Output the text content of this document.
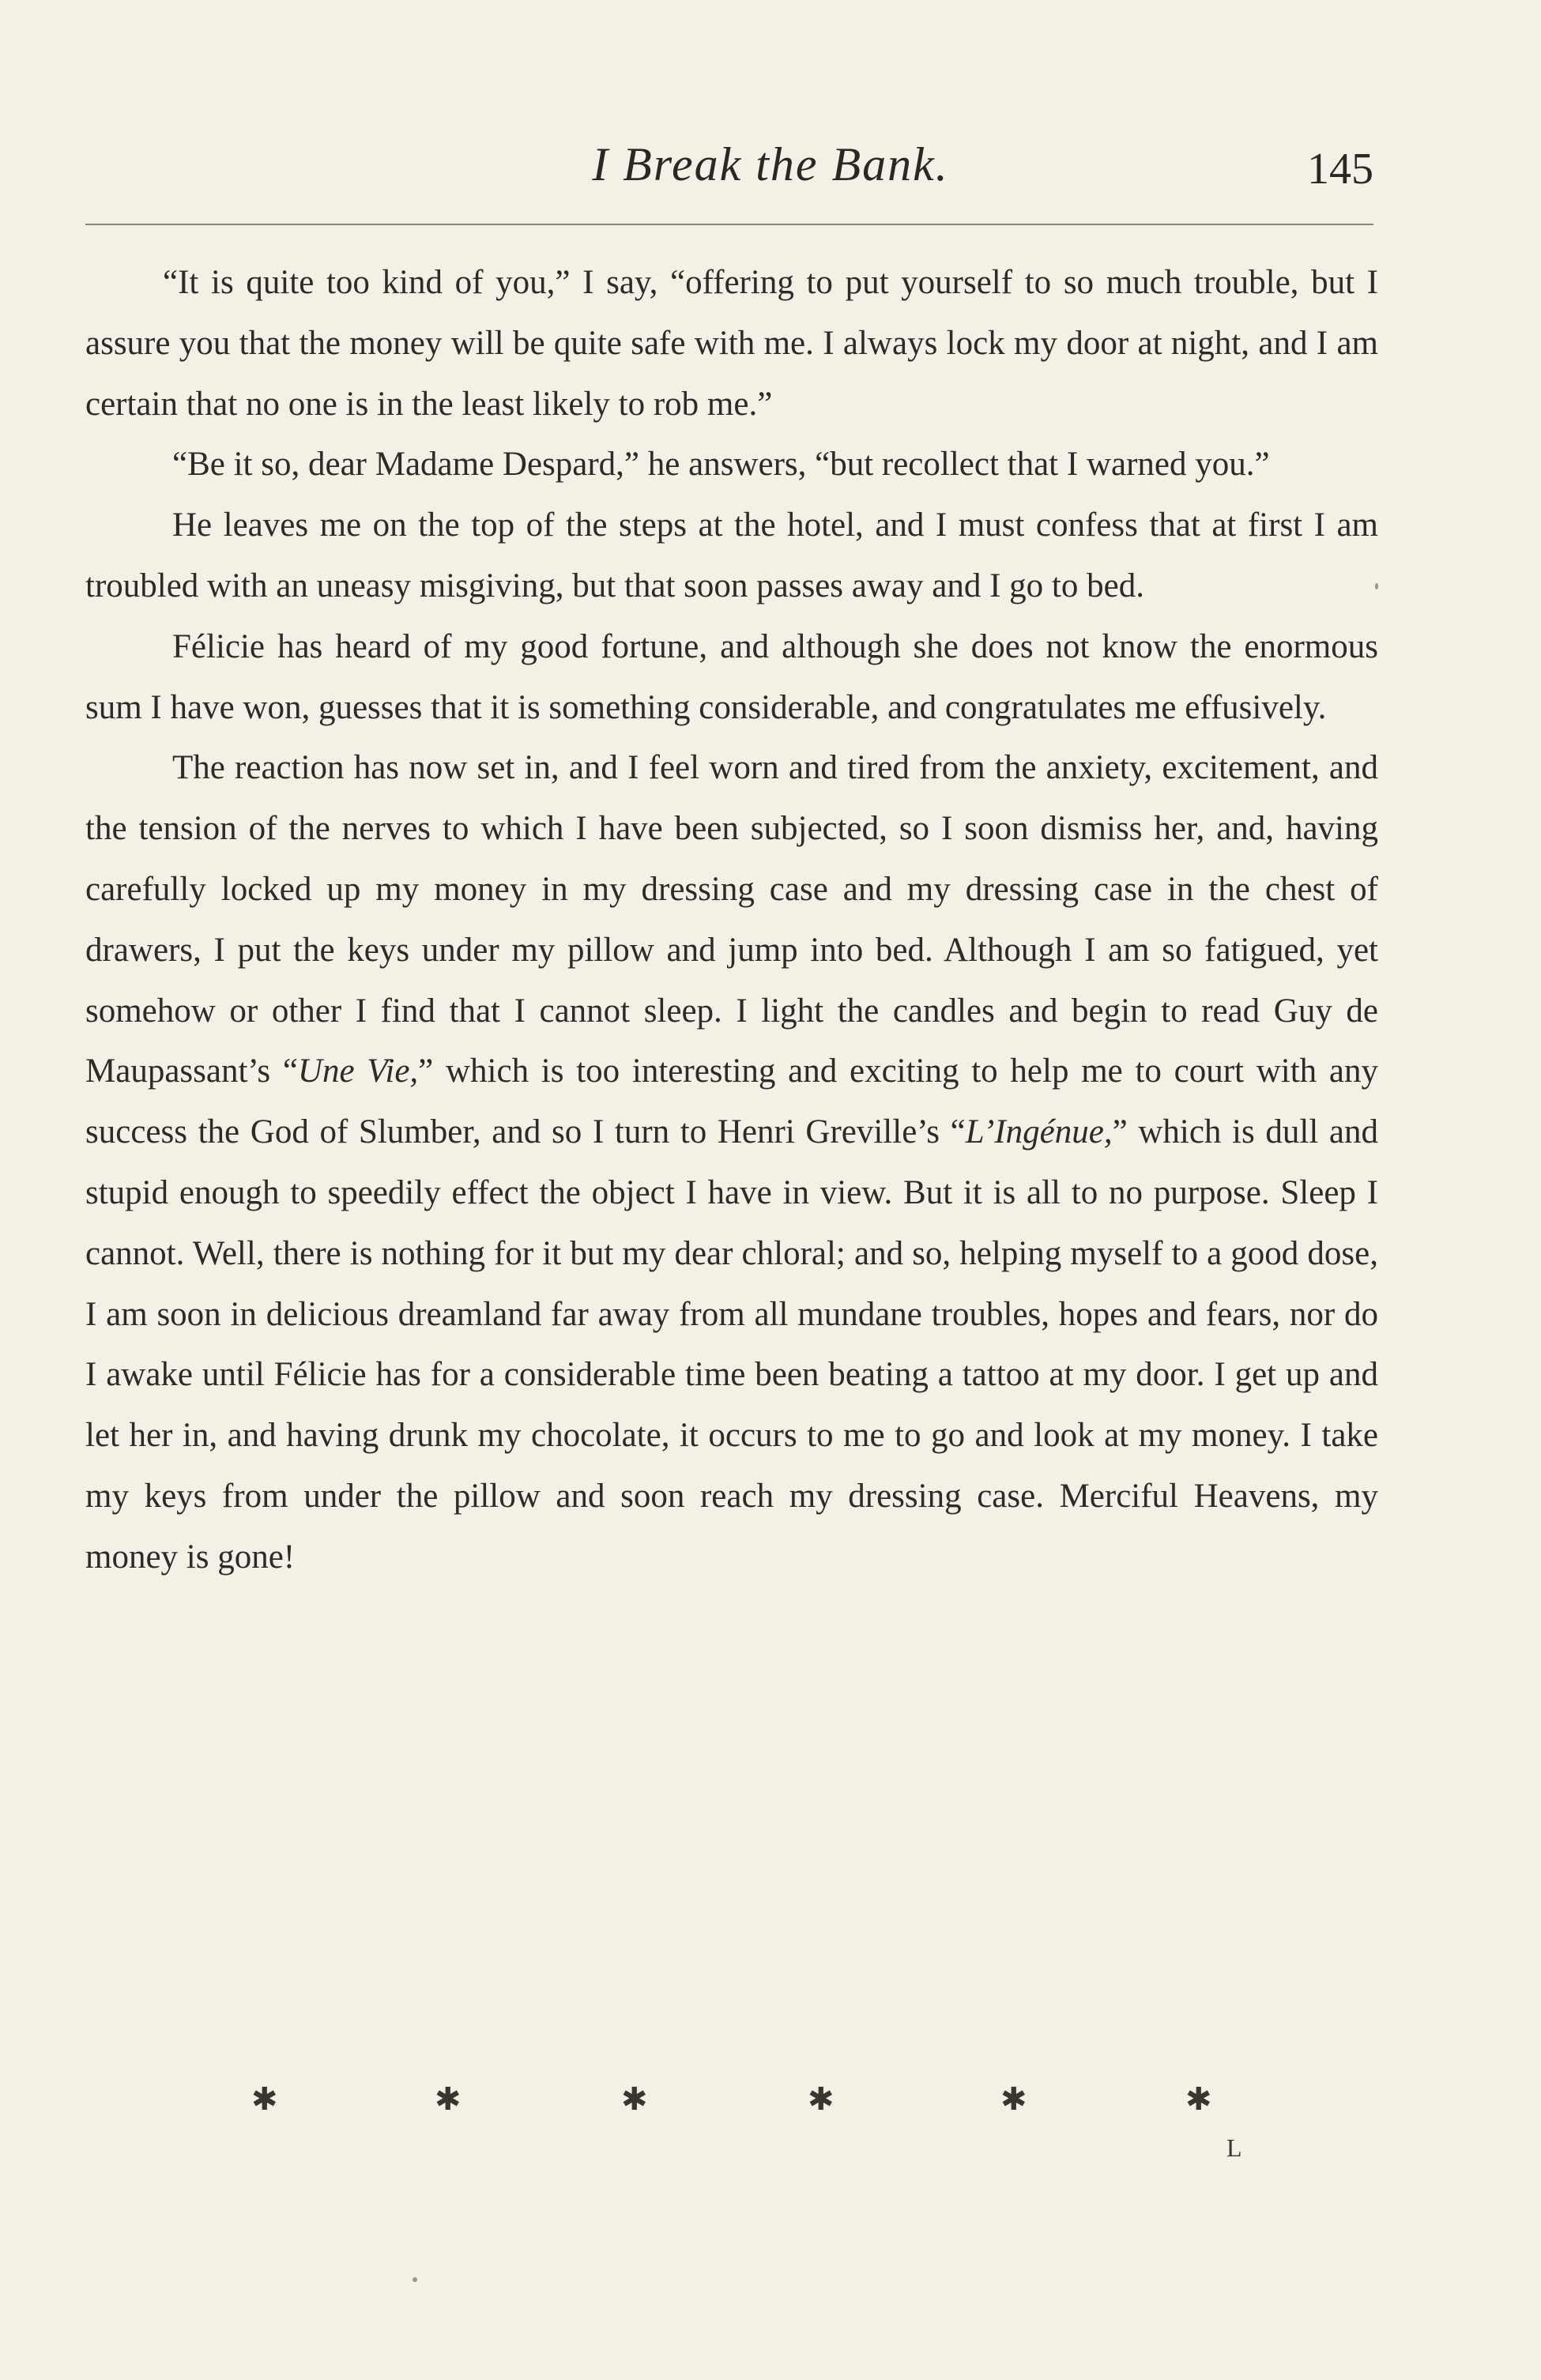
I Break the Bank.	145

“It is quite too kind of you,” I say, “offering to put yourself to so much trouble, but I assure you that the money will be quite safe with me. I always lock my door at night, and I am certain that no one is in the least likely to rob me.”

“Be it so, dear Madame Despard,” he answers, “but recollect that I warned you.”

He leaves me on the top of the steps at the hotel, and I must confess that at first I am troubled with an uneasy misgiving, but that soon passes away and I go to bed.

Félicie has heard of my good fortune, and although she does not know the enormous sum I have won, guesses that it is something considerable, and congratulates me effusively.

The reaction has now set in, and I feel worn and tired from the anxiety, excitement, and the tension of the nerves to which I have been subjected, so I soon dismiss her, and, having carefully locked up my money in my dressing case and my dressing case in the chest of drawers, I put the keys under my pillow and jump into bed. Although I am so fatigued, yet somehow or other I find that I cannot sleep. I light the candles and begin to read Guy de Maupassant’s “Une Vie,” which is too interesting and exciting to help me to court with any success the God of Slumber, and so I turn to Henri Greville’s “L’Ingénue,” which is dull and stupid enough to speedily effect the object I have in view. But it is all to no purpose. Sleep I cannot. Well, there is nothing for it but my dear chloral; and so, helping myself to a good dose, I am soon in delicious dreamland far away from all mundane troubles, hopes and fears, nor do I awake until Félicie has for a considerable time been beating a tattoo at my door. I get up and let her in, and having drunk my chocolate, it occurs to me to go and look at my money. I take my keys from under the pillow and soon reach my dressing case. Merciful Heavens, my money is gone!

✱	✱	✱	✱	✱	✱
L
